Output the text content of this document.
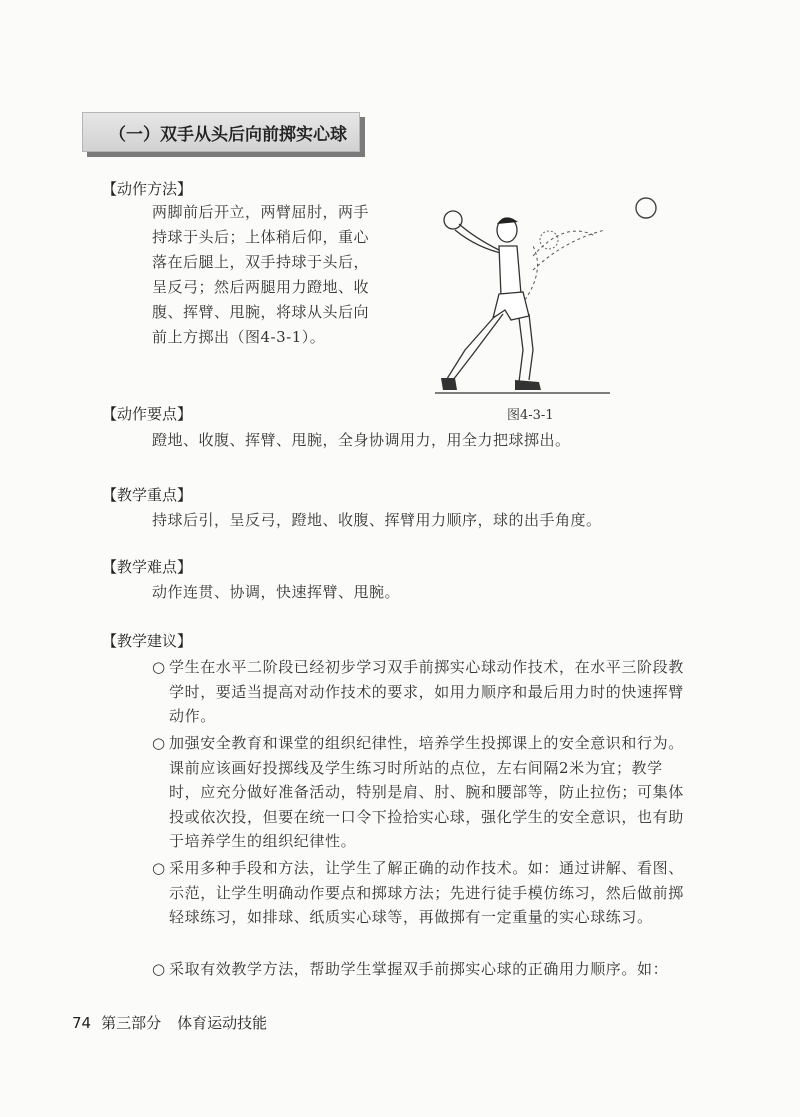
（一）双手从头后向前掷实心球
【动作方法】
两脚前后开立，两臂屈肘，两手持球于头后；上体稍后仰，重心落在后腿上，双手持球于头后，呈反弓；然后两腿用力蹬地、收腹、挥臂、甩腕，将球从头后向前上方掷出（图4-3-1）。
图4-3-1
【动作要点】
蹬地、收腹、挥臂、甩腕，全身协调用力，用全力把球掷出。
【教学重点】
持球后引，呈反弓，蹬地、收腹、挥臂用力顺序，球的出手角度。
【教学难点】
动作连贯、协调，快速挥臂、甩腕。
【教学建议】
○ 学生在水平二阶段已经初步学习双手前掷实心球动作技术，在水平三阶段教学时，要适当提高对动作技术的要求，如用力顺序和最后用力时的快速挥臂动作。
○ 加强安全教育和课堂的组织纪律性，培养学生投掷课上的安全意识和行为。课前应该画好投掷线及学生练习时所站的点位，左右间隔2米为宜；教学时，应充分做好准备活动，特别是肩、肘、腕和腰部等，防止拉伤；可集体投或依次投，但要在统一口令下捡拾实心球，强化学生的安全意识，也有助于培养学生的组织纪律性。
○ 采用多种手段和方法，让学生了解正确的动作技术。如：通过讲解、看图、示范，让学生明确动作要点和掷球方法；先进行徒手模仿练习，然后做前掷轻球练习，如排球、纸质实心球等，再做掷有一定重量的实心球练习。
○ 采取有效教学方法，帮助学生掌握双手前掷实心球的正确用力顺序。如：
74 第三部分 体育运动技能
